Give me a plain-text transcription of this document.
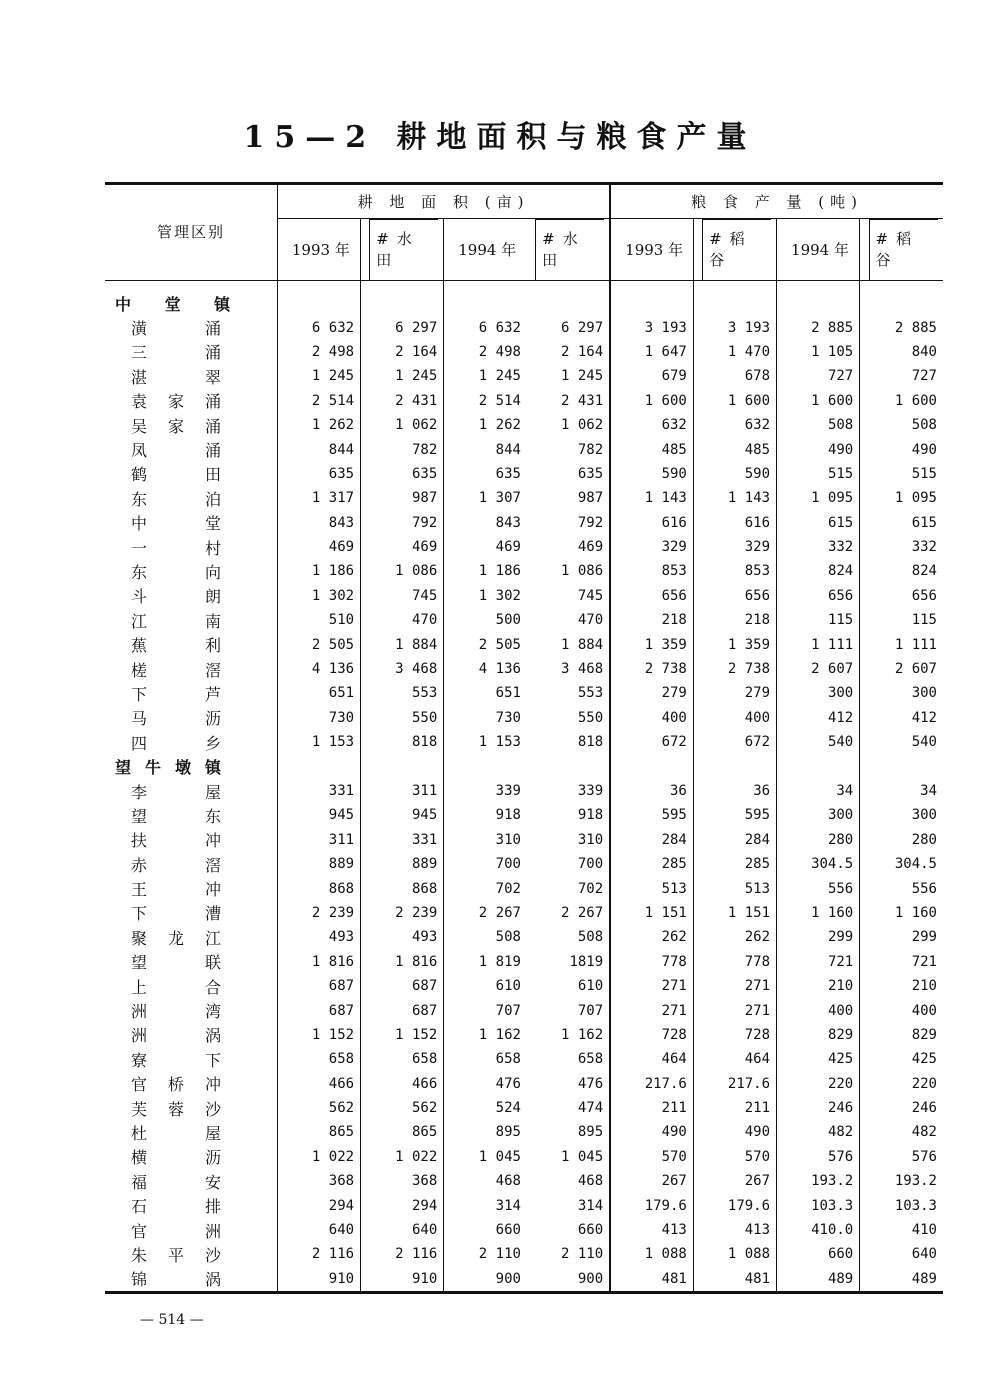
15—2 耕地面积与粮食产量
管理区别	耕 地 面 积 (亩)				粮 食 产 量 (吨)			
	1993 年	#水 田	1994 年	#水 田	1993 年	#稻 谷	1994 年	#稻 谷

中 堂 镇								

潢 涌	6 632	6 297	6 632	6 297	3 193	3 193	2 885	2 885

三 涌	2 498	2 164	2 498	2 164	1 647	1 470	1 105	840

湛 翠	1 245	1 245	1 245	1 245	679	678	727	727

袁 家 涌	2 514	2 431	2 514	2 431	1 600	1 600	1 600	1 600

吴 家 涌	1 262	1 062	1 262	1 062	632	632	508	508

凤 涌	844	782	844	782	485	485	490	490

鹤 田	635	635	635	635	590	590	515	515

东 泊	1 317	987	1 307	987	1 143	1 143	1 095	1 095

中 堂	843	792	843	792	616	616	615	615

一 村	469	469	469	469	329	329	332	332

东 向	1 186	1 086	1 186	1 086	853	853	824	824

斗 朗	1 302	745	1 302	745	656	656	656	656

江 南	510	470	500	470	218	218	115	115

蕉 利	2 505	1 884	2 505	1 884	1 359	1 359	1 111	1 111

槎 滘	4 136	3 468	4 136	3 468	2 738	2 738	2 607	2 607

下 芦	651	553	651	553	279	279	300	300

马 沥	730	550	730	550	400	400	412	412

四 乡	1 153	818	1 153	818	672	672	540	540
望牛墩镇								

李 屋	331	311	339	339	36	36	34	34

望 东	945	945	918	918	595	595	300	300

扶 冲	311	331	310	310	284	284	280	280

赤 滘	889	889	700	700	285	285	304.5	304.5

王 冲	868	868	702	702	513	513	556	556

下 漕	2 239	2 239	2 267	2 267	1 151	1 151	1 160	1 160

聚 龙 江	493	493	508	508	262	262	299	299

望 联	1 816	1 816	1 819	1819	778	778	721	721

上 合	687	687	610	610	271	271	210	210

洲 湾	687	687	707	707	271	271	400	400

洲 涡	1 152	1 152	1 162	1 162	728	728	829	829

寮 下	658	658	658	658	464	464	425	425

官 桥 冲	466	466	476	476	217.6	217.6	220	220

芙 蓉 沙	562	562	524	474	211	211	246	246

杜 屋	865	865	895	895	490	490	482	482

横 沥	1 022	1 022	1 045	1 045	570	570	576	576

福 安	368	368	468	468	267	267	193.2	193.2

石 排	294	294	314	314	179.6	179.6	103.3	103.3

官 洲	640	640	660	660	413	413	410.0	410

朱 平 沙	2 116	2 116	2 110	2 110	1 088	1 088	660	640

锦 涡	910	910	900	900	481	481	489	489
— 514 —
